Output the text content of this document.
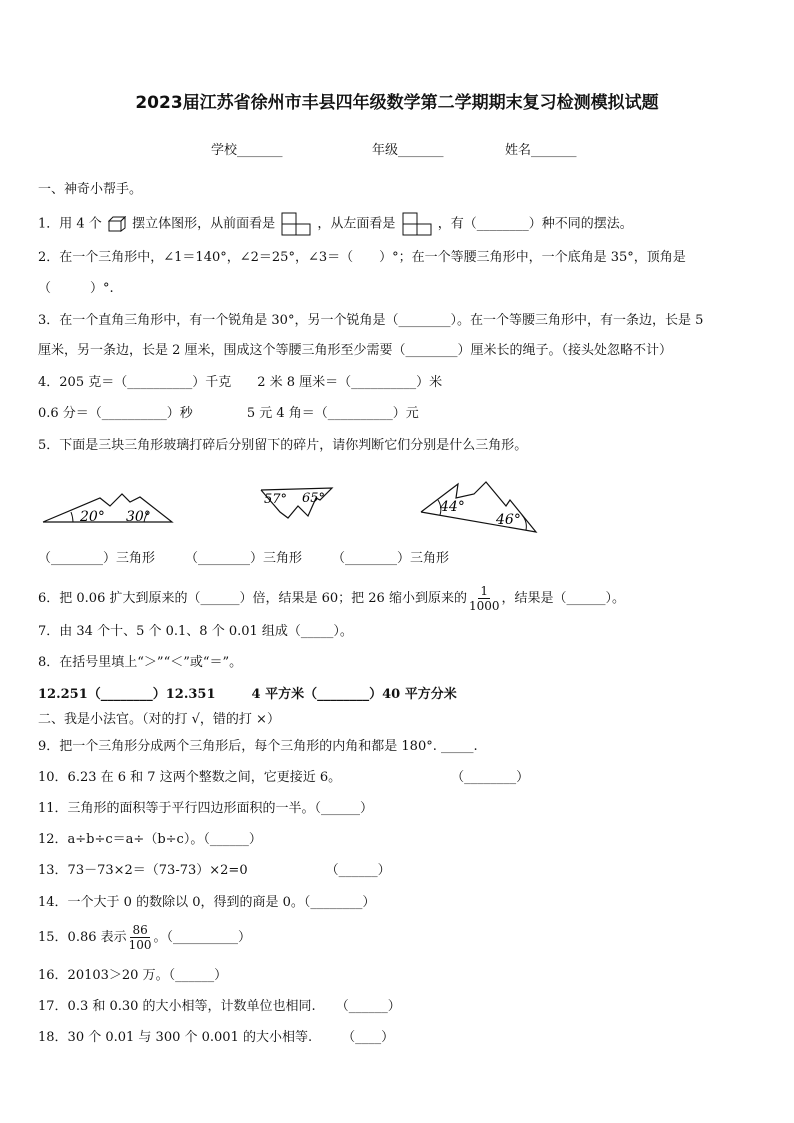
2023届江苏省徐州市丰县四年级数学第二学期期末复习检测模拟试题
学校_______	年级_______	姓名_______
一、神奇小帮手。
1．用 4 个 摆立体图形，从前面看是	，从左面看是	，有（________）种不同的摆法。
2．在一个三角形中，∠1＝140°，∠2＝25°，∠3＝（　　）°；在一个等腰三角形中，一个底角是 35°，顶角是
（　　　）°.
3．在一个直角三角形中，有一个锐角是 30°，另一个锐角是（________）。在一个等腰三角形中，有一条边，长是 5
厘米，另一条边，长是 2 厘米，围成这个等腰三角形至少需要（________）厘米长的绳子。（接头处忽略不计）
4．205 克＝（__________）千克 2 米 8 厘米＝（__________）米
0.6 分＝（__________）秒	5 元 4 角＝（__________）元
5．下面是三块三角形玻璃打碎后分别留下的碎片，请你判断它们分别是什么三角形。
20° 30°
57° 65°
44°
46°
（________）三角形 （________）三角形 （________）三角形
6．把 0.06 扩大到原来的（______）倍，结果是 60；把 26 缩小到原来的 $\frac{1}{1000}$ ，结果是（______）。
7．由 34 个十、5 个 0.1、8 个 0.01 组成（_____）。
8．在括号里填上“＞”“＜”或“＝”。
12.251（________）12.351	4 平方米（________）40 平方分米
二、我是小法官。（对的打 √，错的打 ×）
9．把一个三角形分成两个三角形后，每个三角形的内角和都是 180°. _____.
10．6.23 在 6 和 7 这两个整数之间，它更接近 6。	（________）
11．三角形的面积等于平行四边形面积的一半。（______）
12．a÷b÷c＝a÷（b÷c）。（______）
13．73－73×2＝（73-73）×2=0	（______）
14．一个大于 0 的数除以 0，得到的商是 0。（________）
15．0.86 表示 $\frac{86}{100}$ 。（__________）
16．20103＞20 万。（______）
17．0.3 和 0.30 的大小相等，计数单位也相同. （______）
18．30 个 0.01 与 300 个 0.001 的大小相等. （____）
